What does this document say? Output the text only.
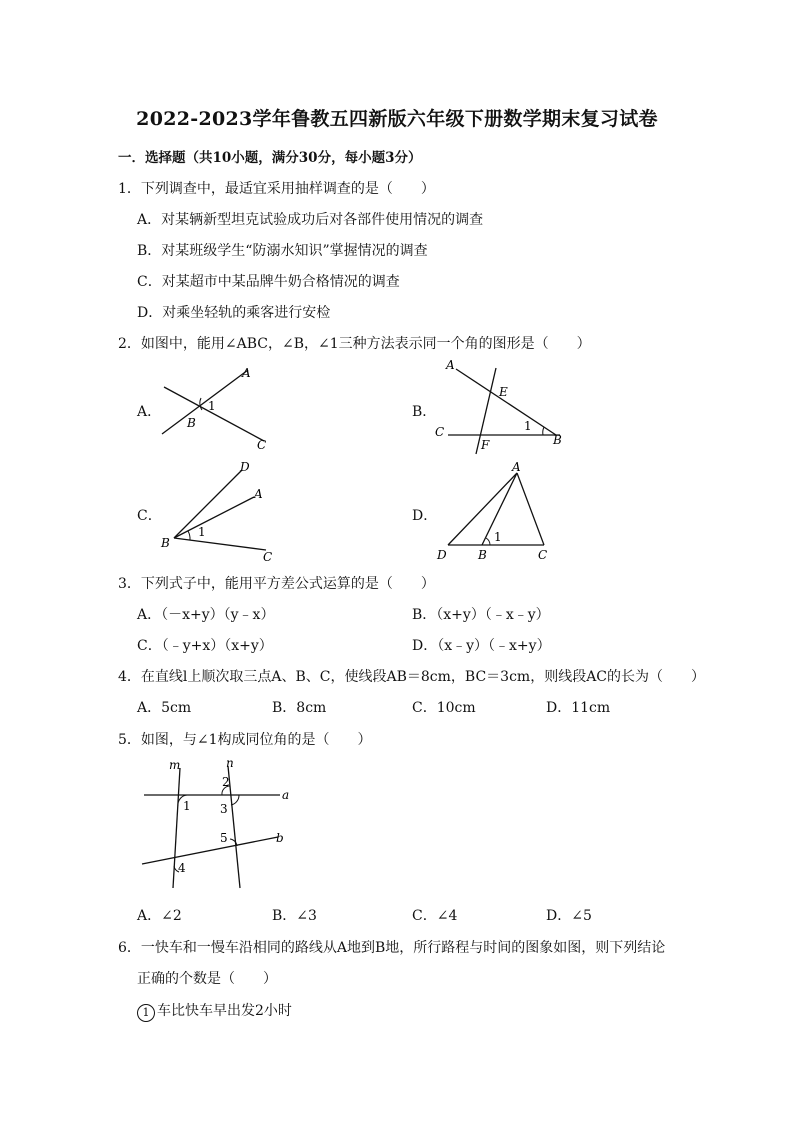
2022-2023学年鲁教五四新版六年级下册数学期末复习试卷
一．选择题（共10小题，满分30分，每小题3分）
1．下列调查中，最适宜采用抽样调查的是（　　）
A．对某辆新型坦克试验成功后对各部件使用情况的调查
B．对某班级学生“防溺水知识”掌握情况的调查
C．对某超市中某品牌牛奶合格情况的调查
D．对乘坐轻轨的乘客进行安检
2．如图中，能用∠ABC，∠B，∠1三种方法表示同一个角的图形是（　　）
A．
A
B
C
1	B．
A
E
C
F	B
1
C．
D
A
B
C
1
D．
A
D	B	C
1
3．下列式子中，能用平方差公式运算的是（　　）
A．（－x+y）（y﹣x）	B．（x+y）（﹣x﹣y）
C．（﹣y+x）（x+y）	D．（x﹣y）（﹣x+y）
4．在直线l上顺次取三点A、B、C，使线段AB＝8cm，BC＝3cm，则线段AC的长为（　　）
A．5cm	B．8cm	C．10cm	D．11cm
5．如图，与∠1构成同位角的是（　　）
m	n
a
b
1
2
3
4
5
A．∠2	B．∠3	C．∠4	D．∠5
6．一快车和一慢车沿相同的路线从A地到B地，所行路程与时间的图象如图，则下列结论
正确的个数是（　　）
1 车比快车早出发2小时
